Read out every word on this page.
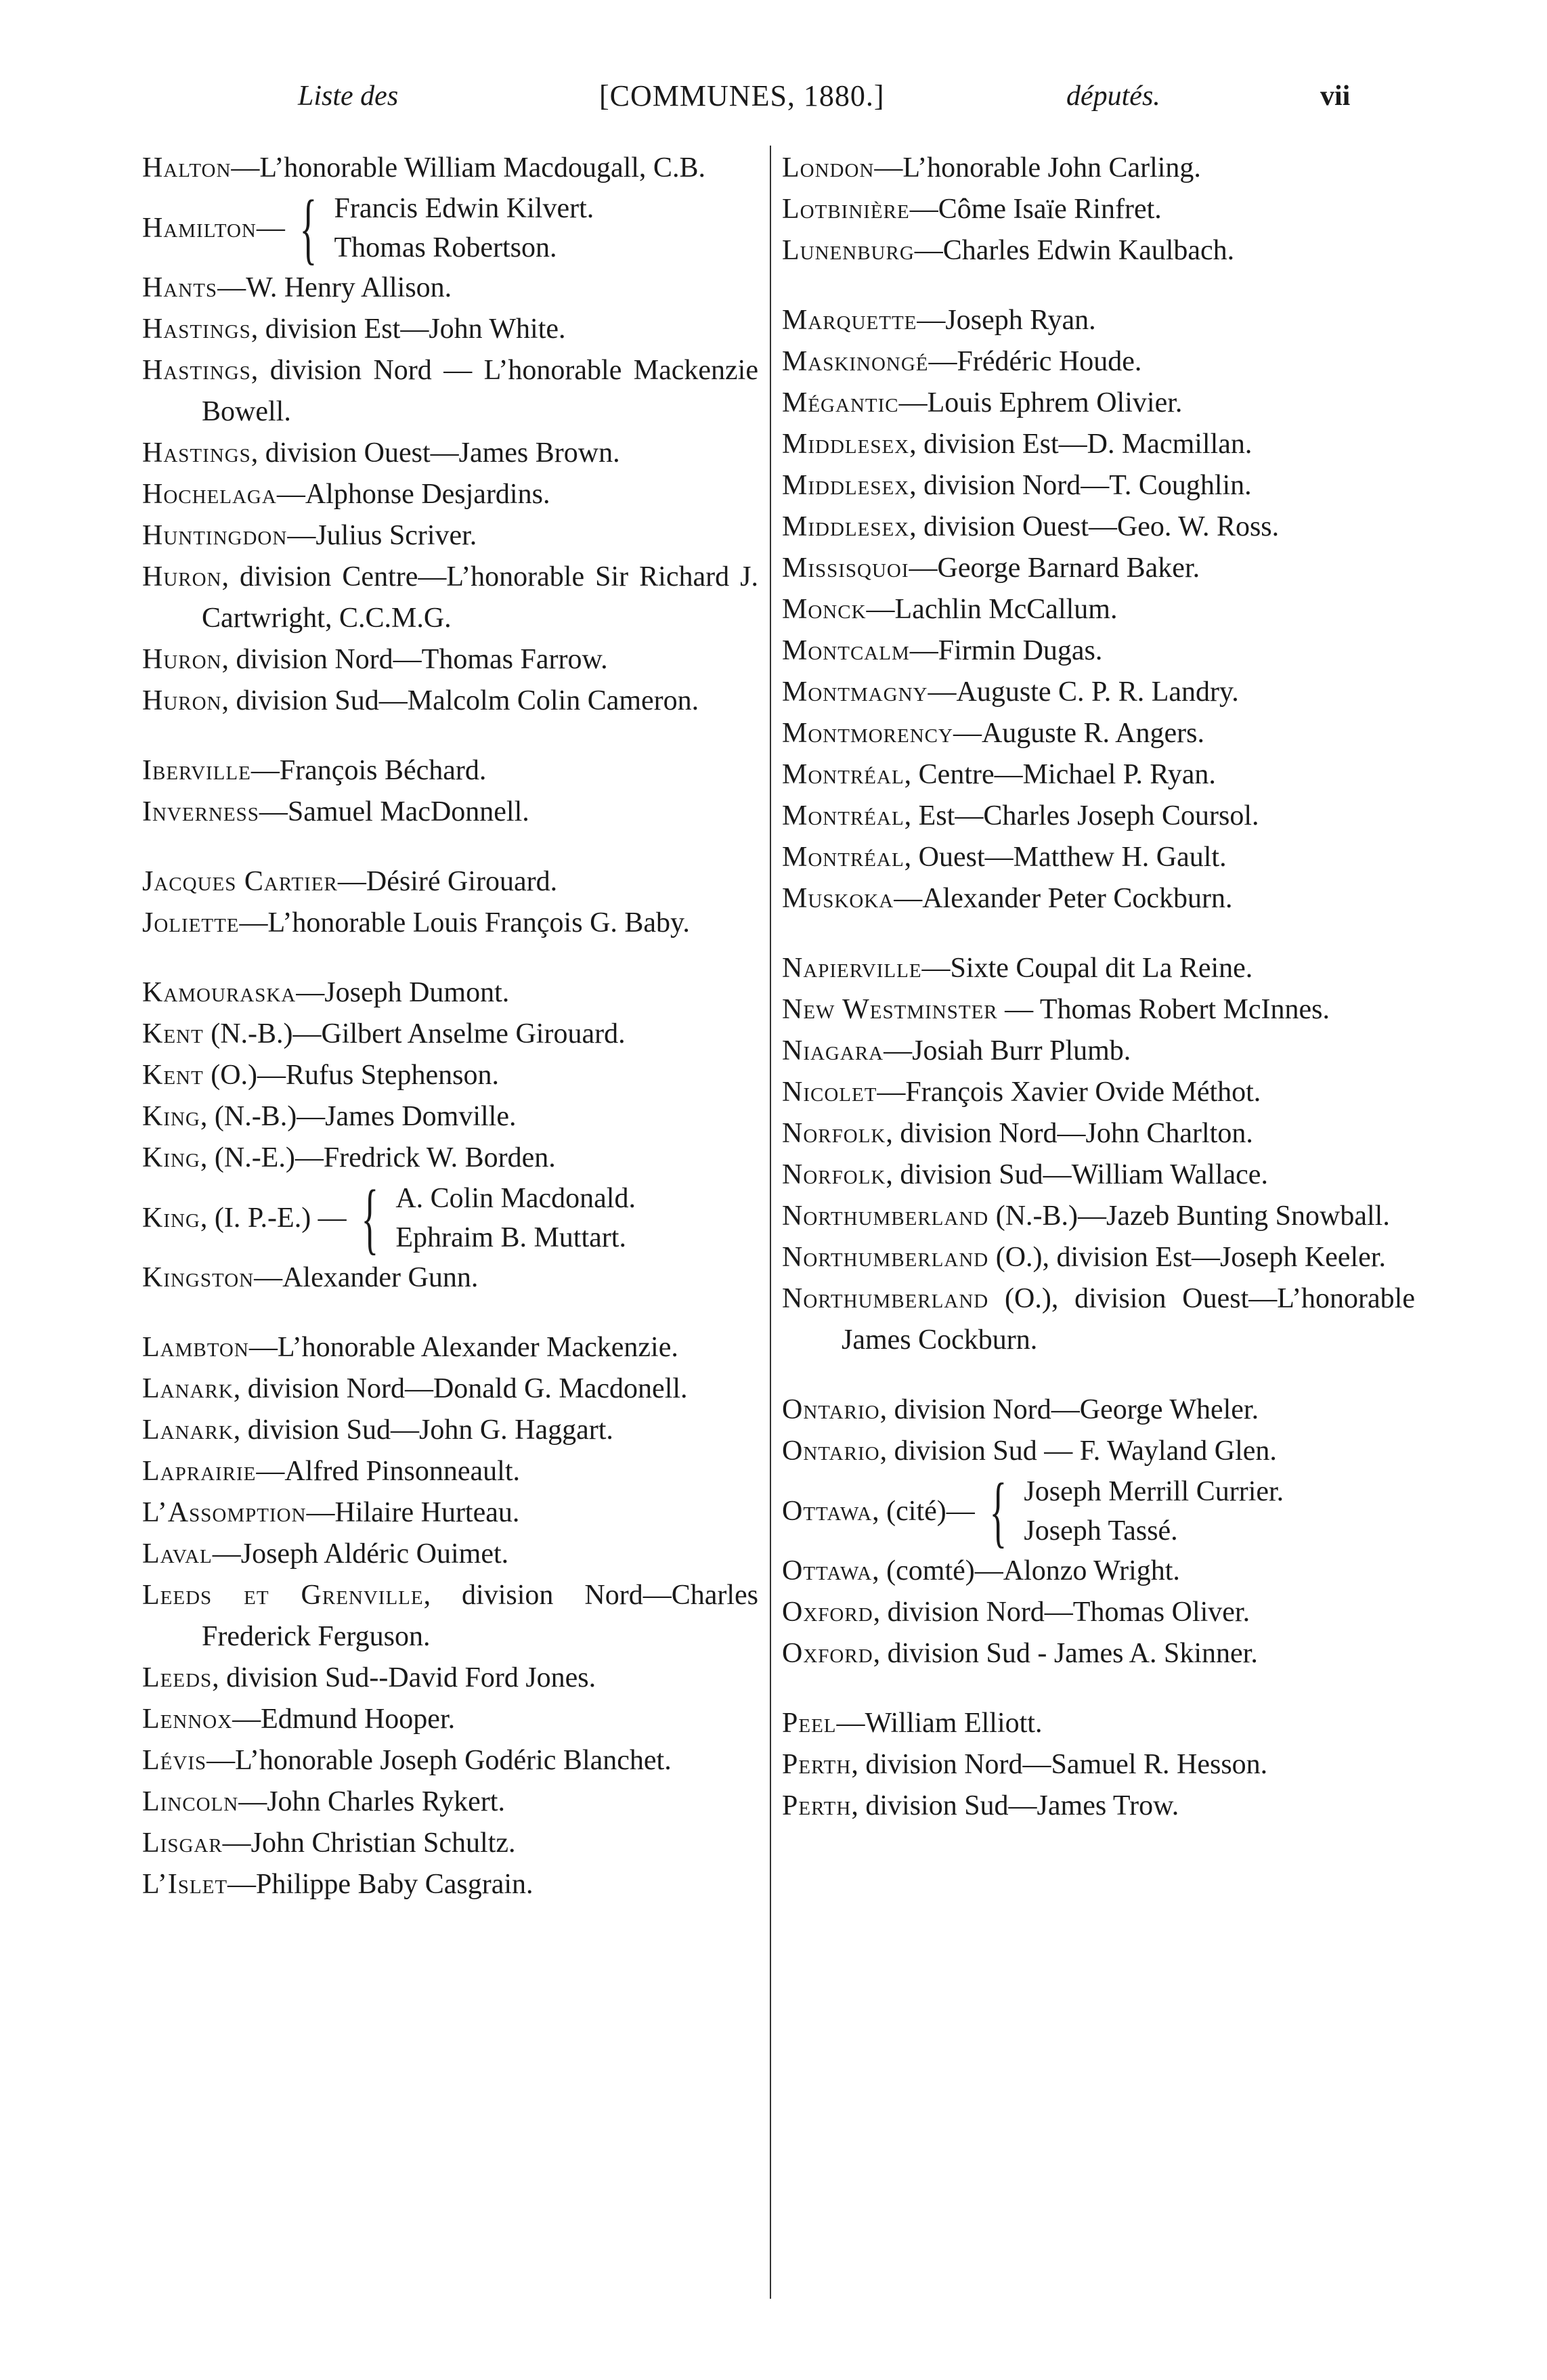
Liste des	[COMMUNES, 1880.]	députés.	vii
Halton—L’honorable William Macdougall, C.B.
Hamilton— { Francis Edwin Kilvert.
Thomas Robertson.
Hants—W. Henry Allison.
Hastings, division Est—John White.
Hastings, division Nord — L’honorable Mackenzie Bowell.
Hastings, division Ouest—James Brown.
Hochelaga—Alphonse Desjardins.
Huntingdon—Julius Scriver.
Huron, division Centre—L’honorable Sir Richard J. Cartwright, C.C.M.G.
Huron, division Nord—Thomas Farrow.
Huron, division Sud—Malcolm Colin Cameron.
Iberville—François Béchard.
Inverness—Samuel MacDonnell.
Jacques Cartier—Désiré Girouard.
Joliette—L’honorable Louis François G. Baby.
Kamouraska—Joseph Dumont.
Kent (N.-B.)—Gilbert Anselme Girouard.
Kent (O.)—Rufus Stephenson.
King, (N.-B.)—James Domville.
King, (N.-E.)—Fredrick W. Borden.
King, (I. P.-E.) — { A. Colin Macdonald.
Ephraim B. Muttart.
Kingston—Alexander Gunn.
Lambton—L’honorable Alexander Mackenzie.
Lanark, division Nord—Donald G. Macdonell.
Lanark, division Sud—John G. Haggart.
Laprairie—Alfred Pinsonneault.
L’Assomption—Hilaire Hurteau.
Laval—Joseph Aldéric Ouimet.
Leeds et Grenville, division Nord—Charles Frederick Ferguson.
Leeds, division Sud--David Ford Jones.
Lennox—Edmund Hooper.
Lévis—L’honorable Joseph Godéric Blanchet.
Lincoln—John Charles Rykert.
Lisgar—John Christian Schultz.
L’Islet—Philippe Baby Casgrain.
London—L’honorable John Carling.
Lotbinière—Côme Isaïe Rinfret.
Lunenburg—Charles Edwin Kaulbach.
Marquette—Joseph Ryan.
Maskinongé—Frédéric Houde.
Mégantic—Louis Ephrem Olivier.
Middlesex, division Est—D. Macmillan.
Middlesex, division Nord—T. Coughlin.
Middlesex, division Ouest—Geo. W. Ross.
Missisquoi—George Barnard Baker.
Monck—Lachlin McCallum.
Montcalm—Firmin Dugas.
Montmagny—Auguste C. P. R. Landry.
Montmorency—Auguste R. Angers.
Montréal, Centre—Michael P. Ryan.
Montréal, Est—Charles Joseph Coursol.
Montréal, Ouest—Matthew H. Gault.
Muskoka—Alexander Peter Cockburn.
Napierville—Sixte Coupal dit La Reine.
New Westminster — Thomas Robert McInnes.
Niagara—Josiah Burr Plumb.
Nicolet—François Xavier Ovide Méthot.
Norfolk, division Nord—John Charlton.
Norfolk, division Sud—William Wallace.
Northumberland (N.-B.)—Jazeb Bunting Snowball.
Northumberland (O.), division Est—Joseph Keeler.
Northumberland (O.), division Ouest—L’honorable James Cockburn.
Ontario, division Nord—George Wheler.
Ontario, division Sud — F. Wayland Glen.
Ottawa, (cité)— { Joseph Merrill Currier.
Joseph Tassé.
Ottawa, (comté)—Alonzo Wright.
Oxford, division Nord—Thomas Oliver.
Oxford, division Sud - James A. Skinner.
Peel—William Elliott.
Perth, division Nord—Samuel R. Hesson.
Perth, division Sud—James Trow.
